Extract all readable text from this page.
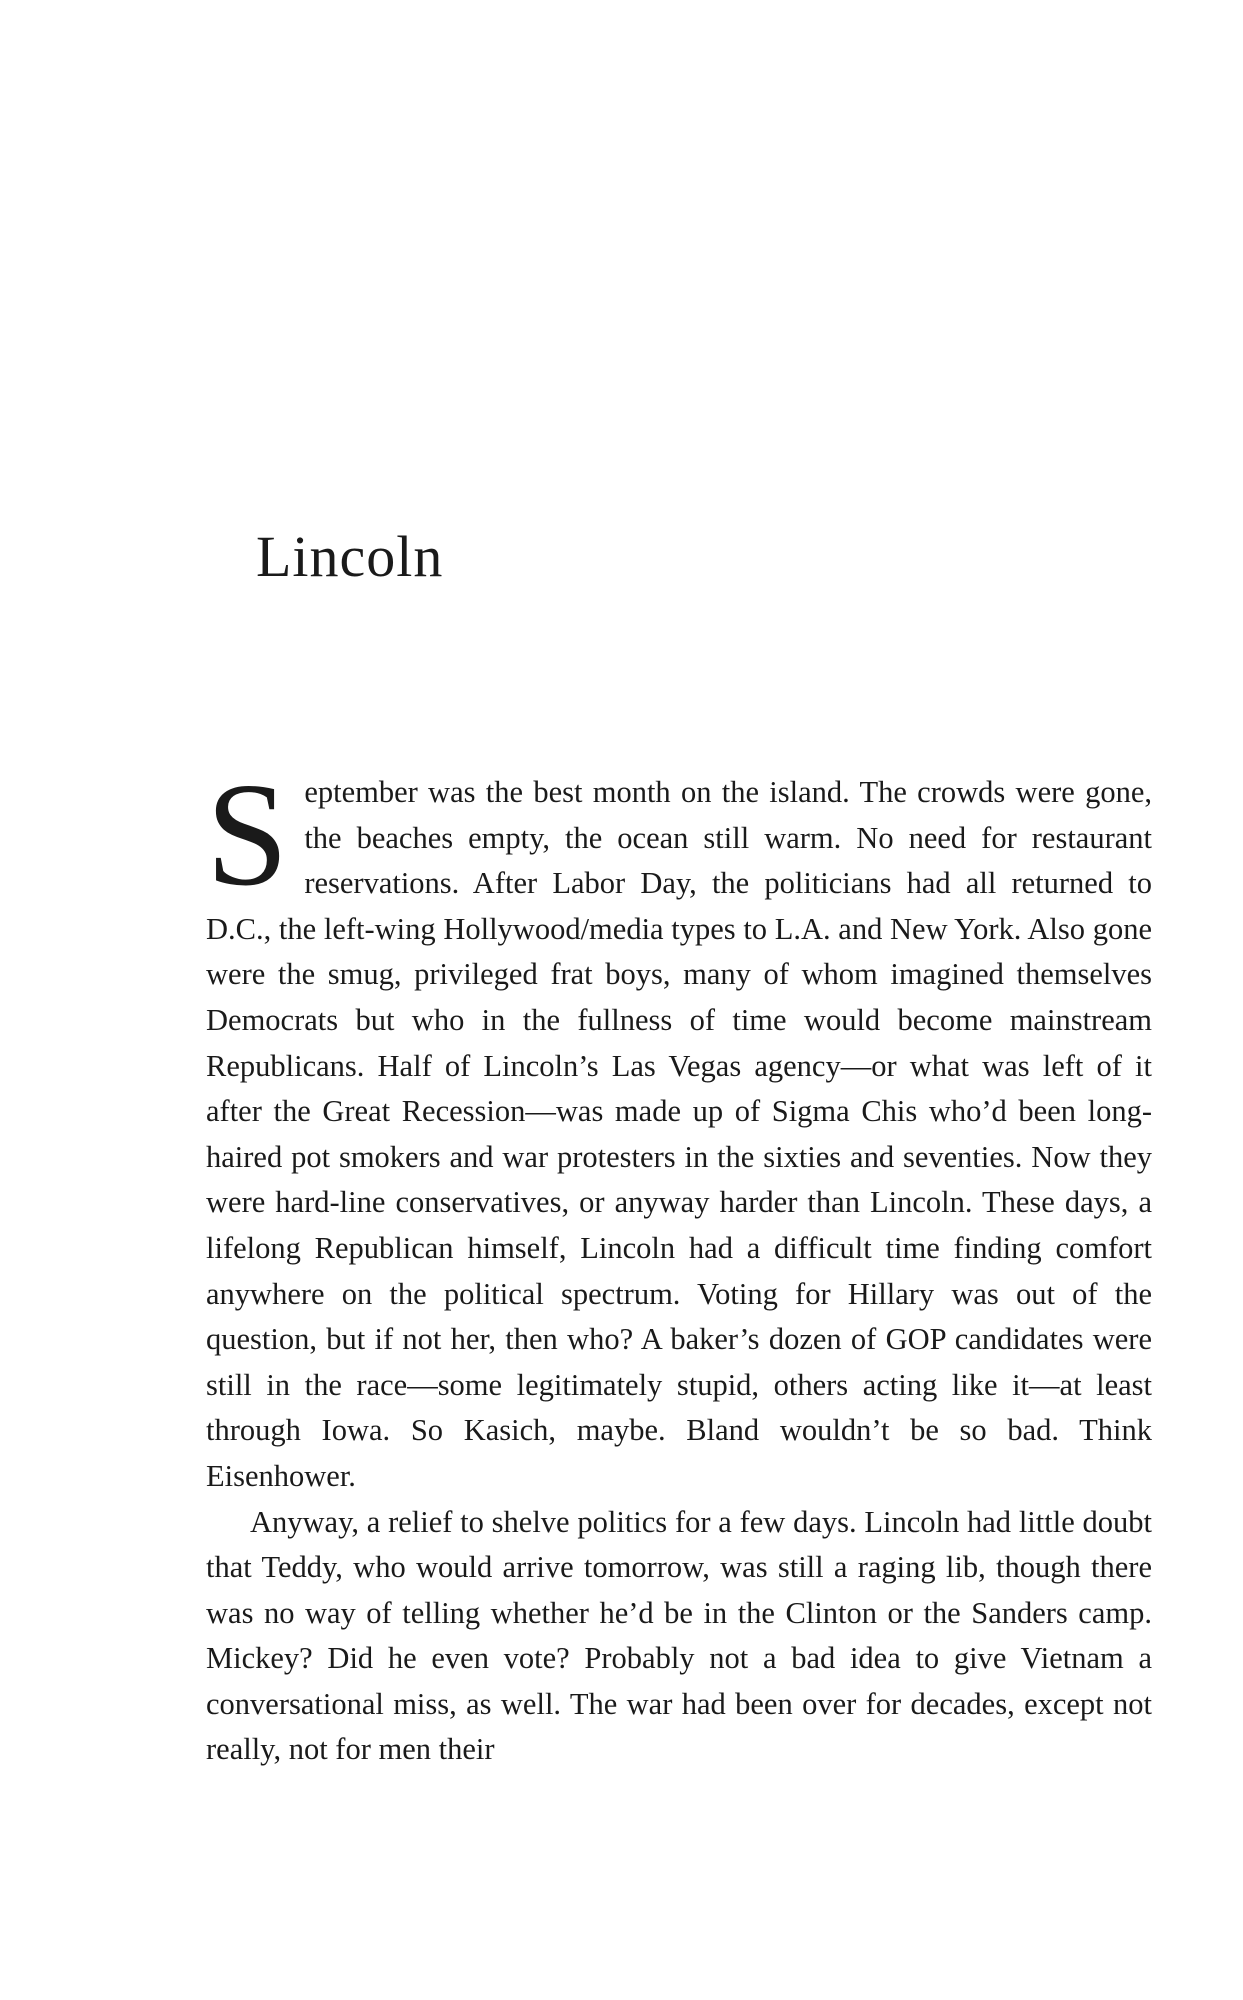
Lincoln

September was the best month on the island. The crowds were gone, the beaches empty, the ocean still warm. No need for restaurant reservations. After Labor Day, the politicians had all returned to D.C., the left-wing Hollywood/media types to L.A. and New York. Also gone were the smug, privileged frat boys, many of whom imagined themselves Democrats but who in the fullness of time would become mainstream Republicans. Half of Lincoln’s Las Vegas agency—or what was left of it after the Great Recession—was made up of Sigma Chis who’d been long-haired pot smokers and war protesters in the sixties and seventies. Now they were hard-line conservatives, or anyway harder than Lincoln. These days, a lifelong Republican himself, Lincoln had a difficult time finding comfort anywhere on the political spectrum. Voting for Hillary was out of the question, but if not her, then who? A baker’s dozen of GOP candidates were still in the race—some legitimately stupid, others acting like it—at least through Iowa. So Kasich, maybe. Bland wouldn’t be so bad. Think Eisenhower.

Anyway, a relief to shelve politics for a few days. Lincoln had little doubt that Teddy, who would arrive tomorrow, was still a raging lib, though there was no way of telling whether he’d be in the Clinton or the Sanders camp. Mickey? Did he even vote? Probably not a bad idea to give Vietnam a conversational miss, as well. The war had been over for decades, except not really, not for men their
